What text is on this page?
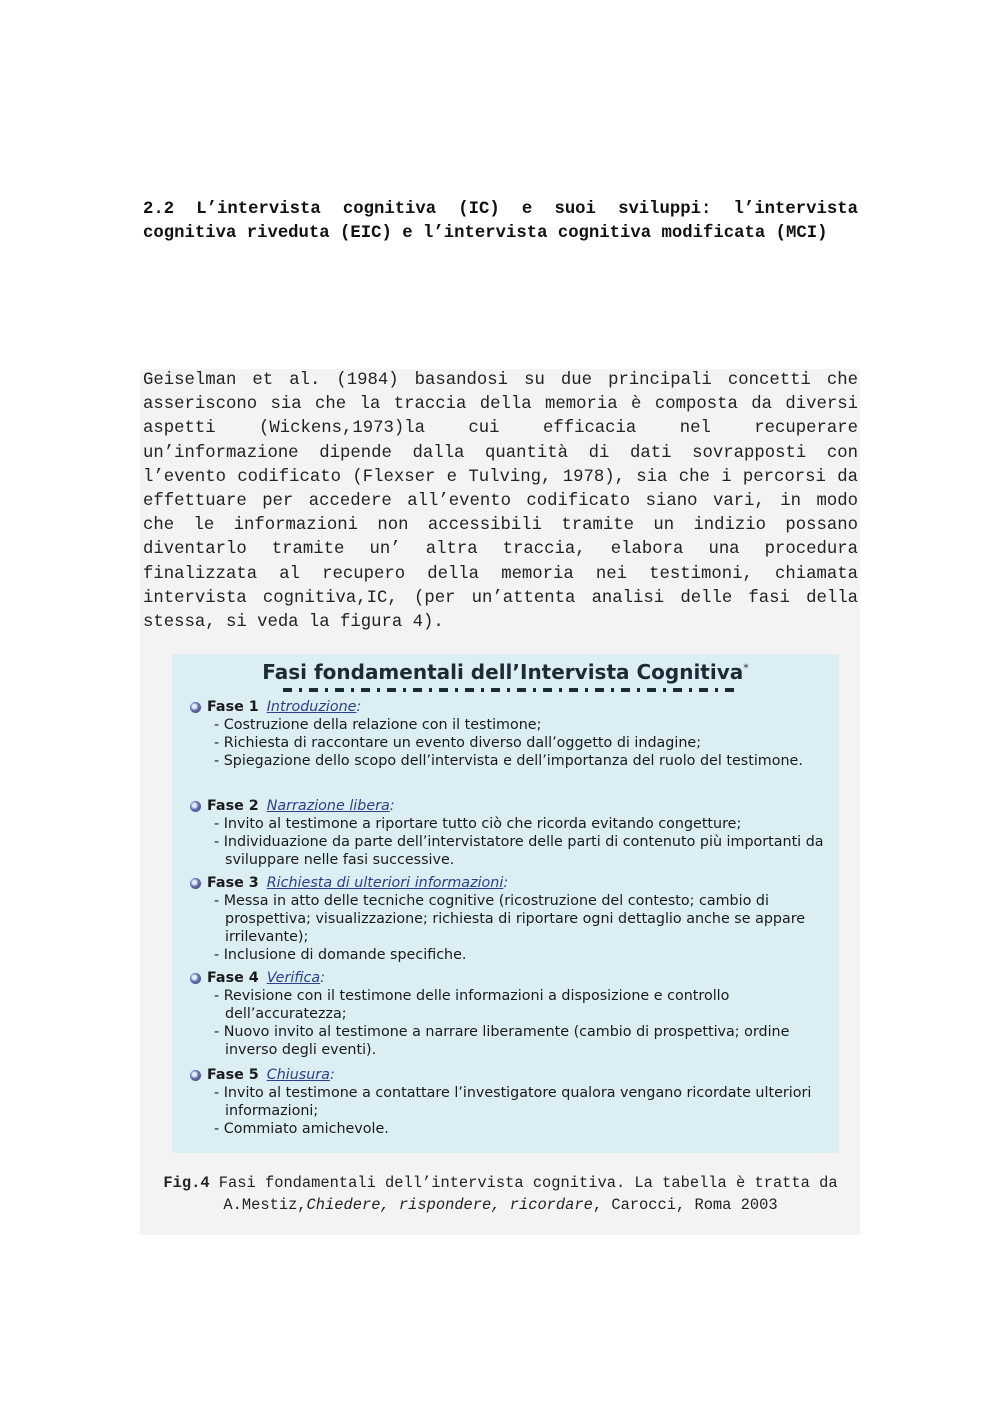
2.2 L’intervista cognitiva (IC) e suoi sviluppi: l’intervista cognitiva riveduta (EIC) e l’intervista cognitiva modificata (MCI)

Geiselman et al. (1984) basandosi su due principali concetti che asseriscono sia che la traccia della memoria è composta da diversi aspetti (Wickens,1973)la cui efficacia nel recuperare un’informazione dipende dalla quantità di dati sovrapposti con l’evento codificato (Flexser e Tulving, 1978), sia che i percorsi da effettuare per accedere all’evento codificato siano vari, in modo che le informazioni non accessibili tramite un indizio possano diventarlo tramite un’ altra traccia, elabora una procedura finalizzata al recupero della memoria nei testimoni, chiamata intervista cognitiva,IC, (per un’attenta analisi delle fasi della stessa, si veda la figura 4).

Fasi fondamentali dell’Intervista Cognitiva*
Fase 1 Introduzione :
- Costruzione della relazione con il testimone;
- Richiesta di raccontare un evento diverso dall’oggetto di indagine;
- Spiegazione dello scopo dell’intervista e dell’importanza del ruolo del testimone.
Fase 2 Narrazione libera :
- Invito al testimone a riportare tutto ciò che ricorda evitando congetture;
- Individuazione da parte dell’intervistatore delle parti di contenuto più importanti da sviluppare nelle fasi successive.
Fase 3 Richiesta di ulteriori informazioni :
- Messa in atto delle tecniche cognitive (ricostruzione del contesto; cambio di prospettiva; visualizzazione; richiesta di riportare ogni dettaglio anche se appare irrilevante);
- Inclusione di domande specifiche.
Fase 4 Verifica :
- Revisione con il testimone delle informazioni a disposizione e controllo dell’accuratezza;
- Nuovo invito al testimone a narrare liberamente (cambio di prospettiva; ordine inverso degli eventi).
Fase 5 Chiusura :
- Invito al testimone a contattare l’investigatore qualora vengano ricordate ulteriori informazioni;
- Commiato amichevole.
Fig.4 Fasi fondamentali dell’intervista cognitiva. La tabella è tratta da A.Mestiz,Chiedere, rispondere, ricordare, Carocci, Roma 2003
